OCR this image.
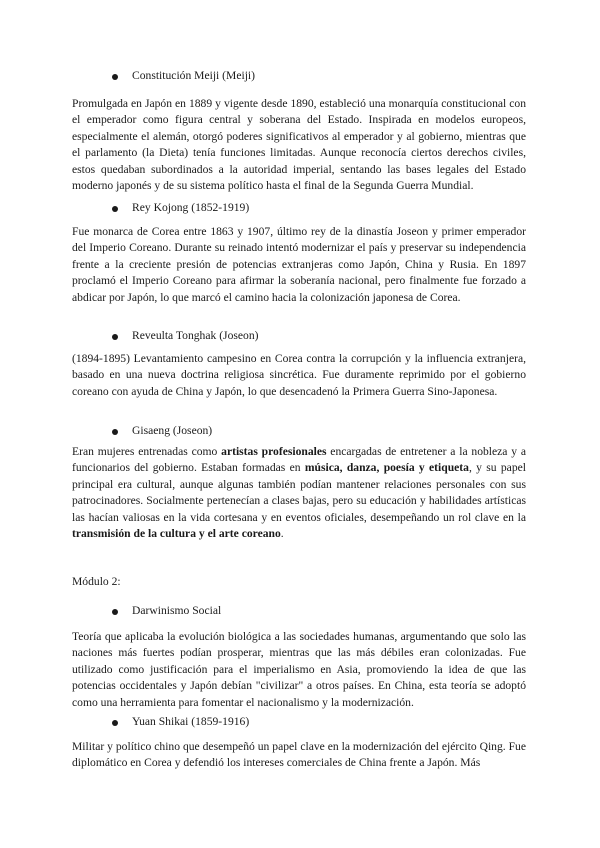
Constitución Meiji (Meiji)

Promulgada en Japón en 1889 y vigente desde 1890, estableció una monarquía constitucional con el emperador como figura central y soberana del Estado. Inspirada en modelos europeos, especialmente el alemán, otorgó poderes significativos al emperador y al gobierno, mientras que el parlamento (la Dieta) tenía funciones limitadas. Aunque reconocía ciertos derechos civiles, estos quedaban subordinados a la autoridad imperial, sentando las bases legales del Estado moderno japonés y de su sistema político hasta el final de la Segunda Guerra Mundial.

Rey Kojong (1852-1919)

Fue monarca de Corea entre 1863 y 1907, último rey de la dinastía Joseon y primer emperador del Imperio Coreano. Durante su reinado intentó modernizar el país y preservar su independencia frente a la creciente presión de potencias extranjeras como Japón, China y Rusia. En 1897 proclamó el Imperio Coreano para afirmar la soberanía nacional, pero finalmente fue forzado a abdicar por Japón, lo que marcó el camino hacia la colonización japonesa de Corea.

Reveulta Tonghak (Joseon)

(1894-1895) Levantamiento campesino en Corea contra la corrupción y la influencia extranjera, basado en una nueva doctrina religiosa sincrética. Fue duramente reprimido por el gobierno coreano con ayuda de China y Japón, lo que desencadenó la Primera Guerra Sino-Japonesa.

Gisaeng (Joseon)

Eran mujeres entrenadas como artistas profesionales encargadas de entretener a la nobleza y a funcionarios del gobierno. Estaban formadas en música, danza, poesía y etiqueta, y su papel principal era cultural, aunque algunas también podían mantener relaciones personales con sus patrocinadores. Socialmente pertenecían a clases bajas, pero su educación y habilidades artísticas las hacían valiosas en la vida cortesana y en eventos oficiales, desempeñando un rol clave en la transmisión de la cultura y el arte coreano.

Módulo 2:

Darwinismo Social

Teoría que aplicaba la evolución biológica a las sociedades humanas, argumentando que solo las naciones más fuertes podían prosperar, mientras que las más débiles eran colonizadas. Fue utilizado como justificación para el imperialismo en Asia, promoviendo la idea de que las potencias occidentales y Japón debían "civilizar" a otros países. En China, esta teoría se adoptó como una herramienta para fomentar el nacionalismo y la modernización.

Yuan Shikai (1859-1916)

Militar y político chino que desempeñó un papel clave en la modernización del ejército Qing. Fue diplomático en Corea y defendió los intereses comerciales de China frente a Japón. Más
